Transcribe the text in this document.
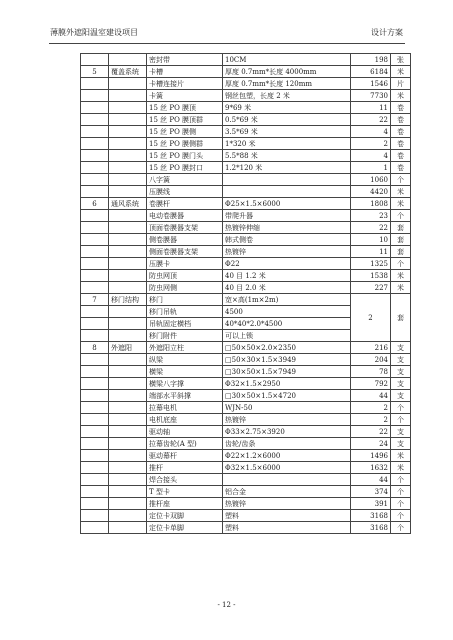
薄膜外遮阳温室建设项目	设计方案
		密封带	10CM	198	张
5	覆盖系统	卡槽	厚度 0.7mm*长度 4000mm	6184	米
		卡槽连接片	厚度 0.7mm*长度 120mm	1546	片
		卡簧	钢丝包塑，长度 2 米	7730	米
		15 丝 PO 膜顶	9*69 米	11	卷
		15 丝 PO 膜顶群	0.5*69 米	22	卷
		15 丝 PO 膜侧	3.5*69 米	4	卷
		15 丝 PO 膜侧群	1*320 米	2	卷
		15 丝 PO 膜门头	5.5*88 米	4	卷
		15 丝 PO 膜封口	1.2*120 米	1	卷
		八字簧		1060	个
		压膜线		4420	米
6	通风系统	卷膜杆	Φ25×1.5×6000	1808	米
		电动卷膜器	带爬升器	23	个
		顶面卷膜器支架	热镀锌伸缩	22	套
		侧卷膜器	韩式侧卷	10	套
		侧面卷膜器支架	热镀锌	11	套
		压膜卡	Φ22	1325	个
		防虫网顶	40 目 1.2 米	1538	米
		防虫网侧	40 目 2.0 米	227	米
7	移门结构	移门	宽×高(1m×2m)	2	套
		移门吊轨	4500		
		吊轨固定横档	40*40*2.0*4500		
		移门附件	可以上锁		
8	外遮阳	外遮阳立柱	□50×50×2.0×2350	216	支
		纵梁	□50×30×1.5×3949	204	支
		横梁	□30×50×1.5×7949	78	支
		横梁八字撑	Φ32×1.5×2950	792	支
		端部水平斜撑	□30×50×1.5×4720	44	支
		拉幕电机	WJN-50	2	个
		电机底座	热镀锌	2	个
		驱动轴	Φ33×2.75×3920	22	支
		拉幕齿轮(A 型)	齿轮/齿条	24	支
		驱动幕杆	Φ22×1.2×6000	1496	米
		推杆	Φ32×1.5×6000	1632	米
		焊合接头		44	个
		T 型卡	铝合金	374	个
		推杆座	热镀锌	391	个
		定位卡双脚	塑料	3168	个
		定位卡单脚	塑料	3168	个
- 12 -
